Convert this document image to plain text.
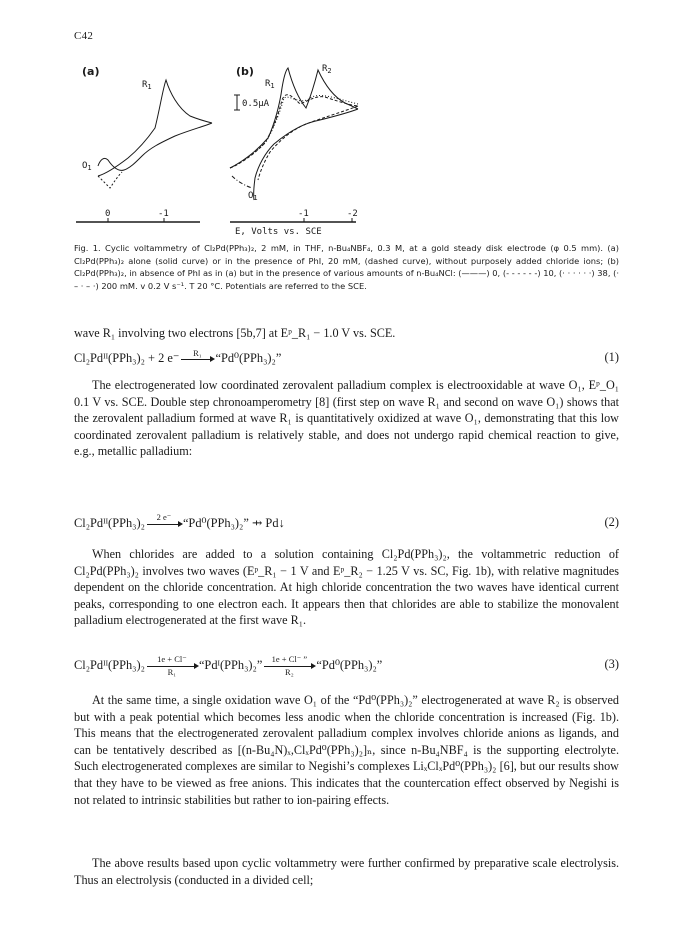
C42
(a)	(b)
$R_1$
$O_1$
0.5μA
$R_1$
$R_2$
$O_1$
0	-1	-1	-2
E, Volts vs. SCE
Fig. 1. Cyclic voltammetry of Cl₂Pd(PPh₃)₂, 2 mM, in THF, n-Bu₄NBF₄, 0.3 M, at a gold steady disk electrode (φ 0.5 mm). (a) Cl₂Pd(PPh₃)₂ alone (solid curve) or in the presence of PhI, 20 mM, (dashed curve), without purposely added chloride ions; (b) Cl₂Pd(PPh₃)₂, in absence of PhI as in (a) but in the presence of various amounts of n-Bu₄NCl: (———) 0, (- - - - - -) 10, (· · · · · ·) 38, (· – · – ·) 200 mM. v 0.2 V s⁻¹. T 20 °C. Potentials are referred to the SCE.

wave R₁ involving two electrons [5b,7] at Eᵖ_R₁ − 1.0 V vs. SCE.

Cl₂Pdᴵᴵ(PPh₃)₂ + 2 e⁻	R₁	“Pd⁰(PPh₃)₂”	(1)

The electrogenerated low coordinated zerovalent palladium complex is electrooxidable at wave O₁, Eᵖ_O₁ 0.1 V vs. SCE. Double step chronoamperometry [8] (first step on wave R₁ and second on wave O₁) shows that the zerovalent palladium formed at wave R₁ is quantitatively oxidized at wave O₁, demonstrating that this low coordinated zerovalent palladium is relatively stable, and does not undergo rapid chemical reaction to give, e.g., metallic palladium:

Cl₂Pdᴵᴵ(PPh₃)₂	2 e⁻ “Pd⁰(PPh₃)₂” ⇸ Pd↓	(2)

When chlorides are added to a solution containing Cl₂Pd(PPh₃)₂, the voltammetric reduction of Cl₂Pd(PPh₃)₂ involves two waves (Eᵖ_R₁ − 1 V and Eᵖ_R₂ − 1.25 V vs. SC, Fig. 1b), with relative magnitudes dependent on the chloride concentration. At high chloride concentration the two waves have identical current peaks, corresponding to one electron each. It appears then that chlorides are able to stabilize the monovalent palladium electrogenerated at the first wave R₁.

Cl₂Pdᴵᴵ(PPh₃)₂	1e + Cl⁻
R₁	“Pdᴵ(PPh₃)₂”	1e + Cl⁻ ”
R₂	“Pd⁰(PPh₃)₂”	(3)

At the same time, a single oxidation wave O₁ of the “Pd⁰(PPh₃)₂” electrogenerated at wave R₂ is observed but with a peak potential which becomes less anodic when the chloride concentration is increased (Fig. 1b). This means that the electrogenerated zerovalent palladium complex involves chloride anions as ligands, and can be tentatively described as [(n-Bu₄N)ₓ,ClₓPd⁰(PPh₃)₂]ₙ, since n-Bu₄NBF₄ is the supporting electrolyte. Such electrogenerated complexes are similar to Negishi’s complexes LiₓClₓPd⁰(PPh₃)₂ [6], but our results show that they have to be viewed as free anions. This indicates that the countercation effect observed by Negishi is not related to intrinsic stabilities but rather to ion-pairing effects.

The above results based upon cyclic voltammetry were further confirmed by preparative scale electrolysis. Thus an electrolysis (conducted in a divided cell;
